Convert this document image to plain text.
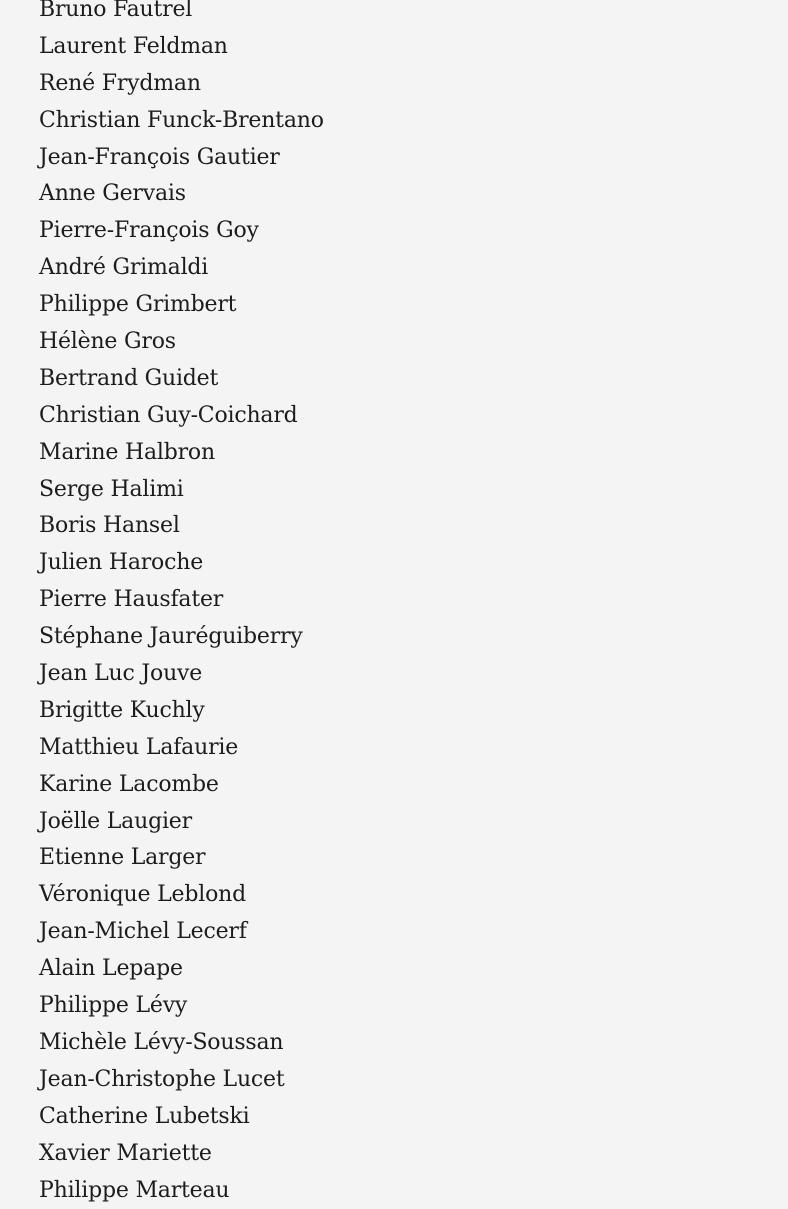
Bruno Fautrel
Laurent Feldman
René Frydman
Christian Funck-Brentano
Jean-François Gautier
Anne Gervais
Pierre-François Goy
André Grimaldi
Philippe Grimbert
Hélène Gros
Bertrand Guidet
Christian Guy-Coichard
Marine Halbron
Serge Halimi
Boris Hansel
Julien Haroche
Pierre Hausfater
Stéphane Jauréguiberry
Jean Luc Jouve
Brigitte Kuchly
Matthieu Lafaurie
Karine Lacombe
Joëlle Laugier
Etienne Larger
Véronique Leblond
Jean-Michel Lecerf
Alain Lepape
Philippe Lévy
Michèle Lévy-Soussan
Jean-Christophe Lucet
Catherine Lubetski
Xavier Mariette
Philippe Marteau
